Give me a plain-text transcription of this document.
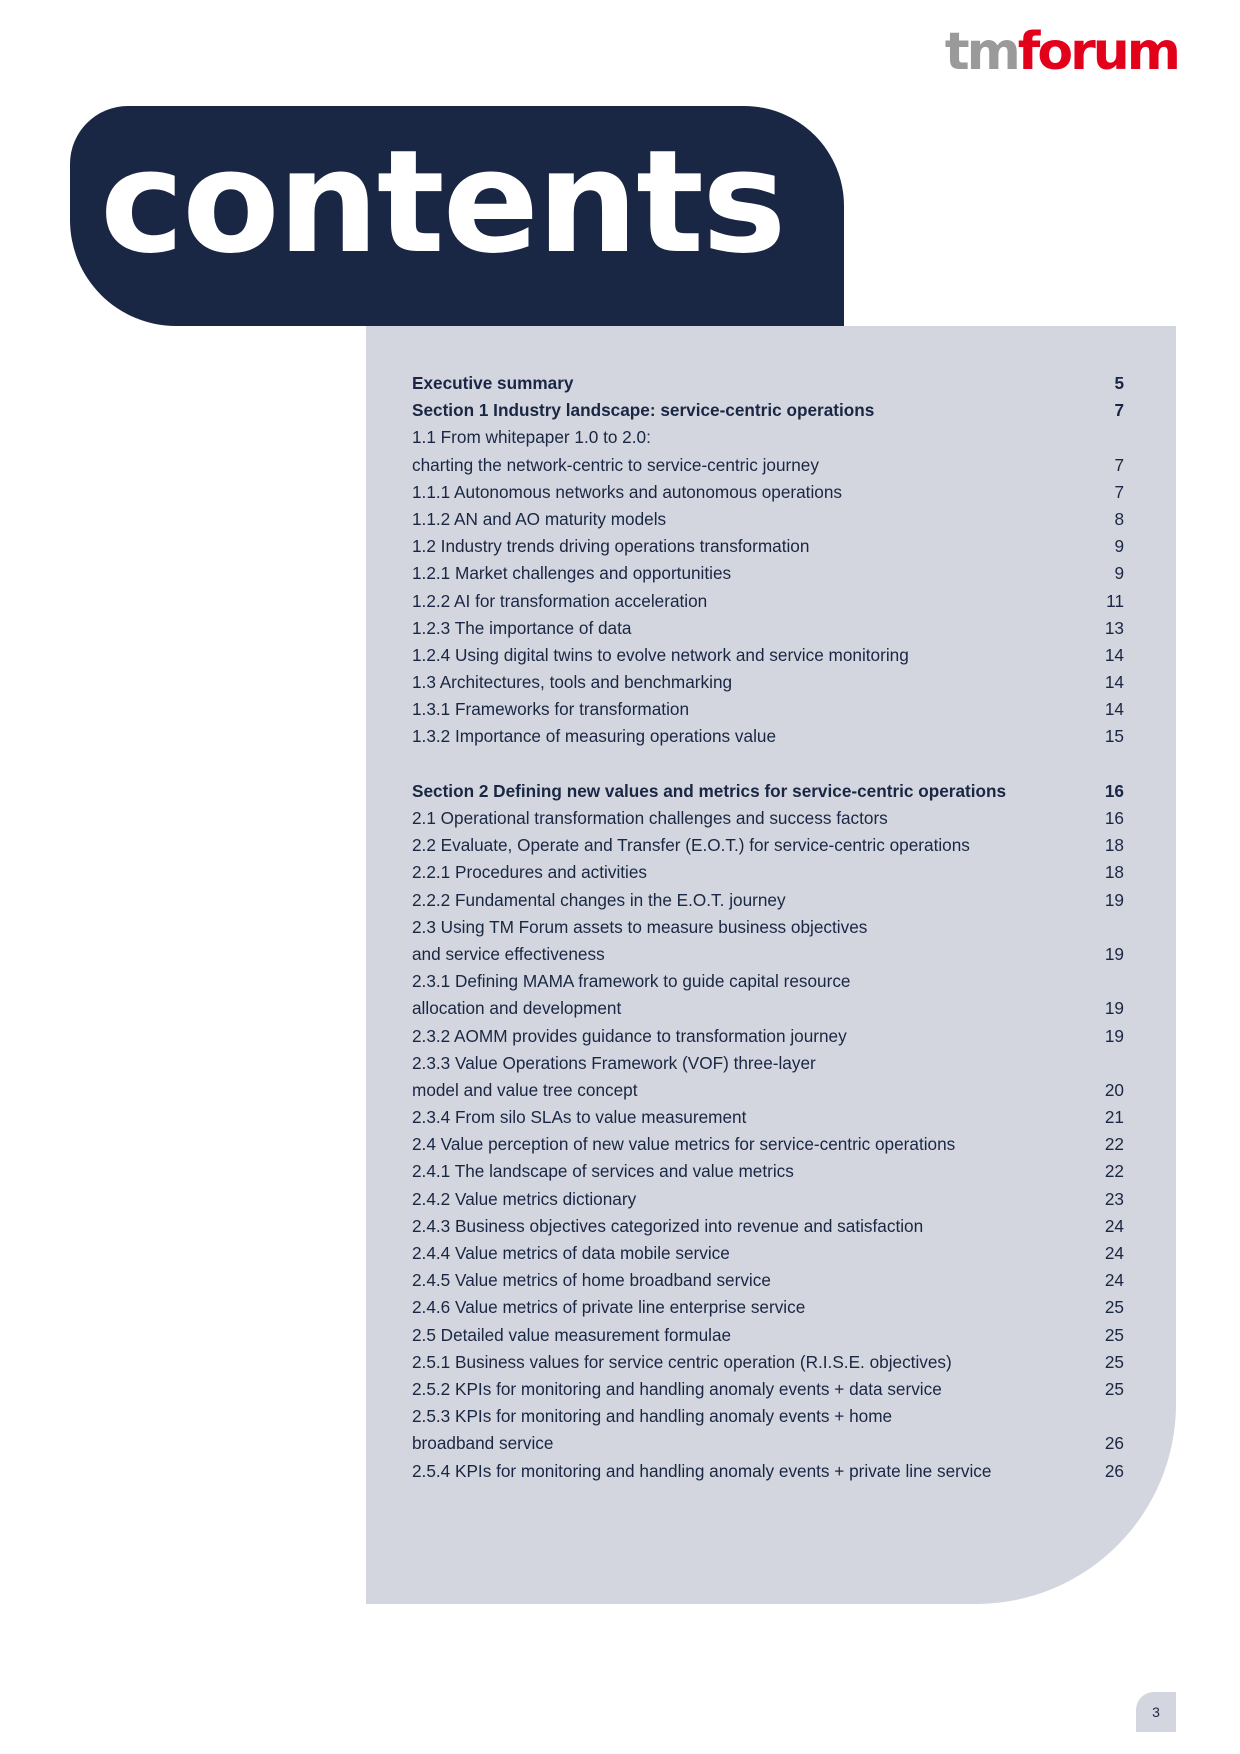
tmforum
contents
Executive summary	5
Section 1 Industry landscape: service-centric operations	7
1.1 From whitepaper 1.0 to 2.0:
charting the network-centric to service-centric journey	7
1.1.1 Autonomous networks and autonomous operations	7
1.1.2 AN and AO maturity models	8
1.2 Industry trends driving operations transformation	9
1.2.1 Market challenges and opportunities	9
1.2.2 AI for transformation acceleration	11
1.2.3 The importance of data	13
1.2.4 Using digital twins to evolve network and service monitoring	14
1.3 Architectures, tools and benchmarking	14
1.3.1 Frameworks for transformation	14
1.3.2 Importance of measuring operations value	15
Section 2 Defining new values and metrics for service-centric operations	16
2.1 Operational transformation challenges and success factors	16
2.2 Evaluate, Operate and Transfer (E.O.T.) for service-centric operations	18
2.2.1 Procedures and activities	18
2.2.2 Fundamental changes in the E.O.T. journey	19
2.3 Using TM Forum assets to measure business objectives
and service effectiveness	19
2.3.1 Defining MAMA framework to guide capital resource
allocation and development	19
2.3.2 AOMM provides guidance to transformation journey	19
2.3.3 Value Operations Framework (VOF) three-layer
model and value tree concept	20
2.3.4 From silo SLAs to value measurement	21
2.4 Value perception of new value metrics for service-centric operations	22
2.4.1 The landscape of services and value metrics	22
2.4.2 Value metrics dictionary	23
2.4.3 Business objectives categorized into revenue and satisfaction	24
2.4.4 Value metrics of data mobile service	24
2.4.5 Value metrics of home broadband service	24
2.4.6 Value metrics of private line enterprise service	25
2.5 Detailed value measurement formulae	25
2.5.1 Business values for service centric operation (R.I.S.E. objectives)	25
2.5.2 KPIs for monitoring and handling anomaly events + data service	25
2.5.3 KPIs for monitoring and handling anomaly events + home
broadband service	26
2.5.4 KPIs for monitoring and handling anomaly events + private line service	26
3
